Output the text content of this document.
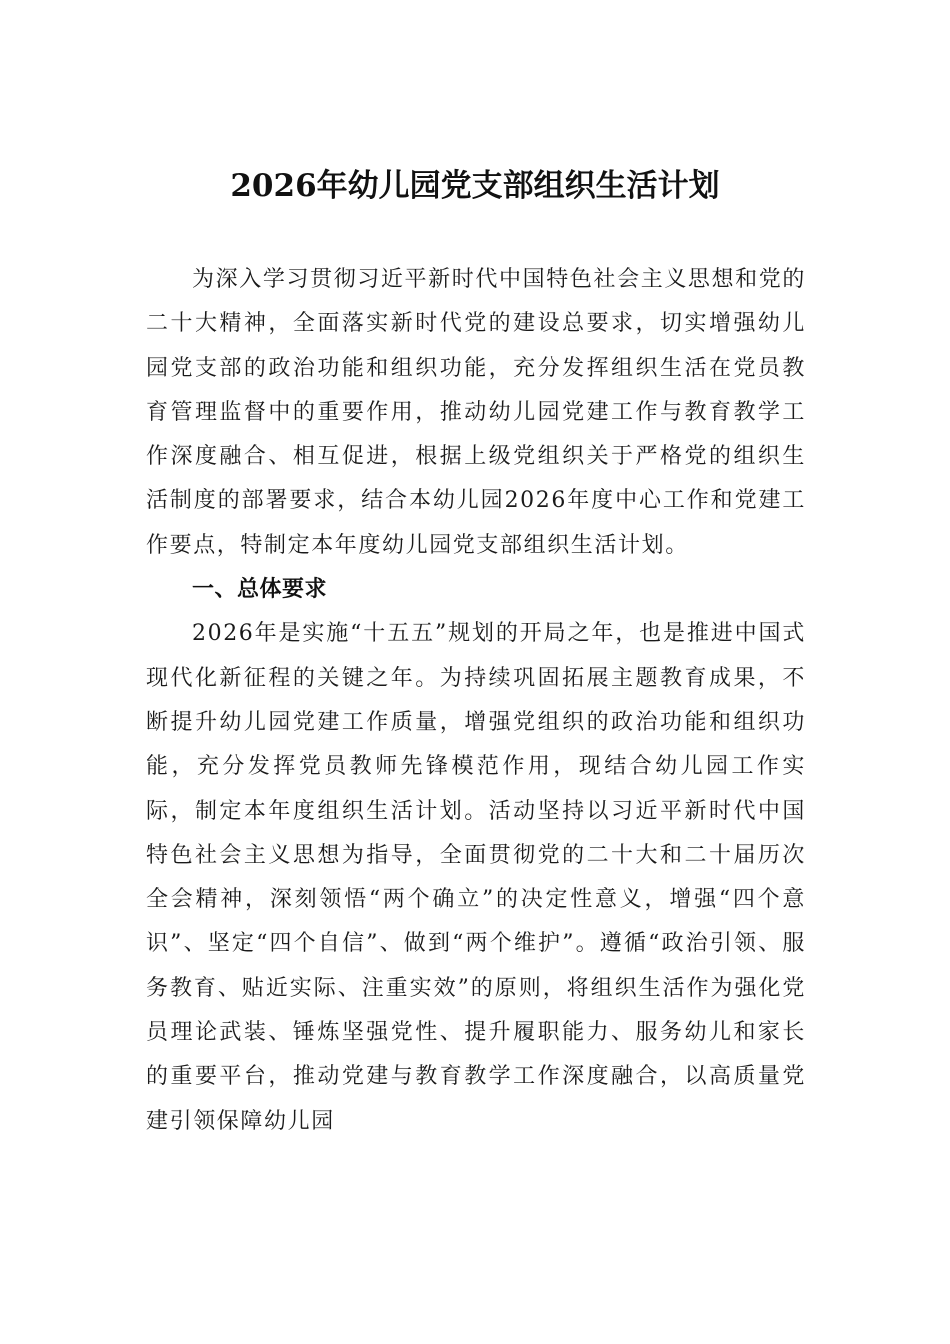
2026年幼儿园党支部组织生活计划

为深入学习贯彻习近平新时代中国特色社会主义思想和党的二十大精神，全面落实新时代党的建设总要求，切实增强幼儿园党支部的政治功能和组织功能，充分发挥组织生活在党员教育管理监督中的重要作用，推动幼儿园党建工作与教育教学工作深度融合、相互促进，根据上级党组织关于严格党的组织生活制度的部署要求，结合本幼儿园2026年度中心工作和党建工作要点，特制定本年度幼儿园党支部组织生活计划。

一、总体要求

2026年是实施“十五五”规划的开局之年，也是推进中国式现代化新征程的关键之年。为持续巩固拓展主题教育成果，不断提升幼儿园党建工作质量，增强党组织的政治功能和组织功能，充分发挥党员教师先锋模范作用，现结合幼儿园工作实际，制定本年度组织生活计划。活动坚持以习近平新时代中国特色社会主义思想为指导，全面贯彻党的二十大和二十届历次全会精神，深刻领悟“两个确立”的决定性意义，增强“四个意识”、坚定“四个自信”、做到“两个维护”。遵循“政治引领、服务教育、贴近实际、注重实效”的原则，将组织生活作为强化党员理论武装、锤炼坚强党性、提升履职能力、服务幼儿和家长的重要平台，推动党建与教育教学工作深度融合，以高质量党建引领保障幼儿园
